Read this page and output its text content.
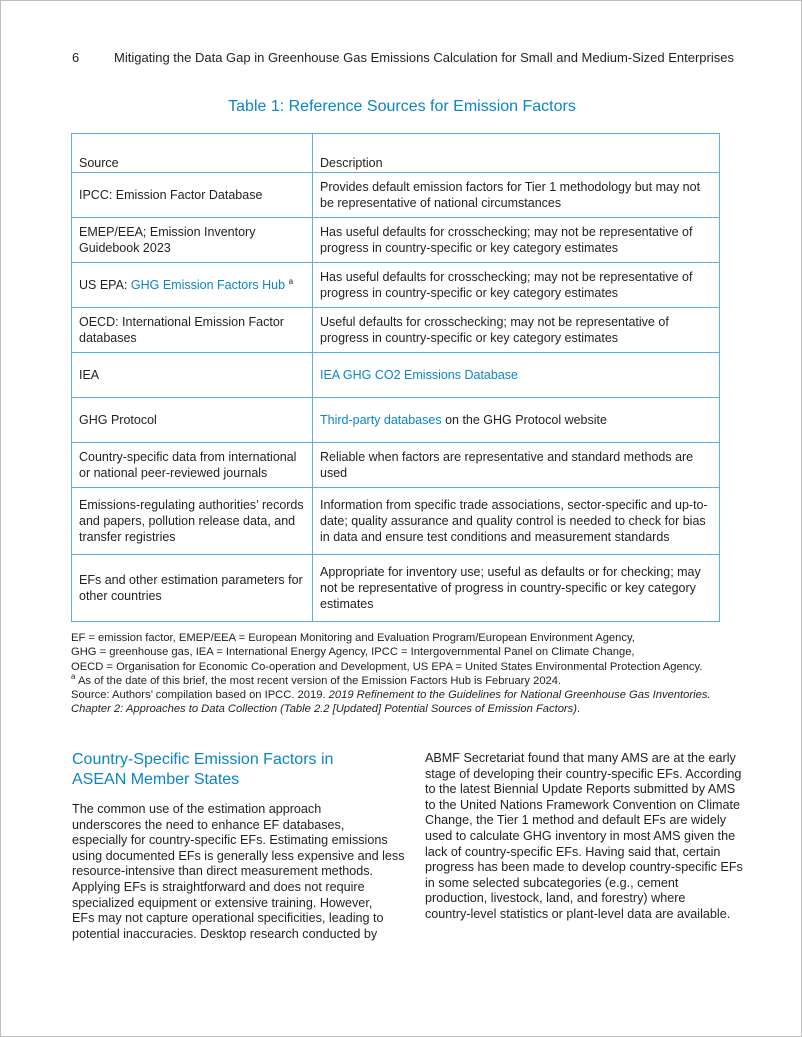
6	Mitigating the Data Gap in Greenhouse Gas Emissions Calculation for Small and Medium-Sized Enterprises
Table 1: Reference Sources for Emission Factors
Source	Description
IPCC: Emission Factor Database	Provides default emission factors for Tier 1 methodology but may not be representative of national circumstances
EMEP/EEA; Emission Inventory Guidebook 2023	Has useful defaults for crosschecking; may not be representative of progress in country-specific or key category estimates
US EPA: GHG Emission Factors Hub $^a$	Has useful defaults for crosschecking; may not be representative of progress in country-specific or key category estimates
OECD: International Emission Factor databases	Useful defaults for crosschecking; may not be representative of progress in country-specific or key category estimates
IEA	IEA GHG CO2 Emissions Database
GHG Protocol	Third-party databases on the GHG Protocol website
Country-specific data from international or national peer-reviewed journals	Reliable when factors are representative and standard methods are used
Emissions-regulating authorities’ records and papers, pollution release data, and transfer registries	Information from specific trade associations, sector-specific and up-to-date; quality assurance and quality control is needed to check for bias in data and ensure test conditions and measurement standards
EFs and other estimation parameters for other countries	Appropriate for inventory use; useful as defaults or for checking; may not be representative of progress in country-specific or key category estimates
EF = emission factor, EMEP/EEA = European Monitoring and Evaluation Program/European Environment Agency,
GHG = greenhouse gas, IEA = International Energy Agency, IPCC = Intergovernmental Panel on Climate Change,
OECD = Organisation for Economic Co-operation and Development, US EPA = United States Environmental Protection Agency.
$^a$ As of the date of this brief, the most recent version of the Emission Factors Hub is February 2024.
Source: Authors’ compilation based on IPCC. 2019. 2019 Refinement to the Guidelines for National Greenhouse Gas Inventories.
Chapter 2: Approaches to Data Collection (Table 2.2 [Updated] Potential Sources of Emission Factors).
Country-Specific Emission Factors in
ASEAN Member States
The common use of the estimation approach
underscores the need to enhance EF databases,
especially for country-specific EFs. Estimating emissions
using documented EFs is generally less expensive and less
resource-intensive than direct measurement methods.
Applying EFs is straightforward and does not require
specialized equipment or extensive training. However,
EFs may not capture operational specificities, leading to
potential inaccuracies. Desktop research conducted by
ABMF Secretariat found that many AMS are at the early
stage of developing their country-specific EFs. According
to the latest Biennial Update Reports submitted by AMS
to the United Nations Framework Convention on Climate
Change, the Tier 1 method and default EFs are widely
used to calculate GHG inventory in most AMS given the
lack of country-specific EFs. Having said that, certain
progress has been made to develop country-specific EFs
in some selected subcategories (e.g., cement
production, livestock, land, and forestry) where
country-level statistics or plant-level data are available.
